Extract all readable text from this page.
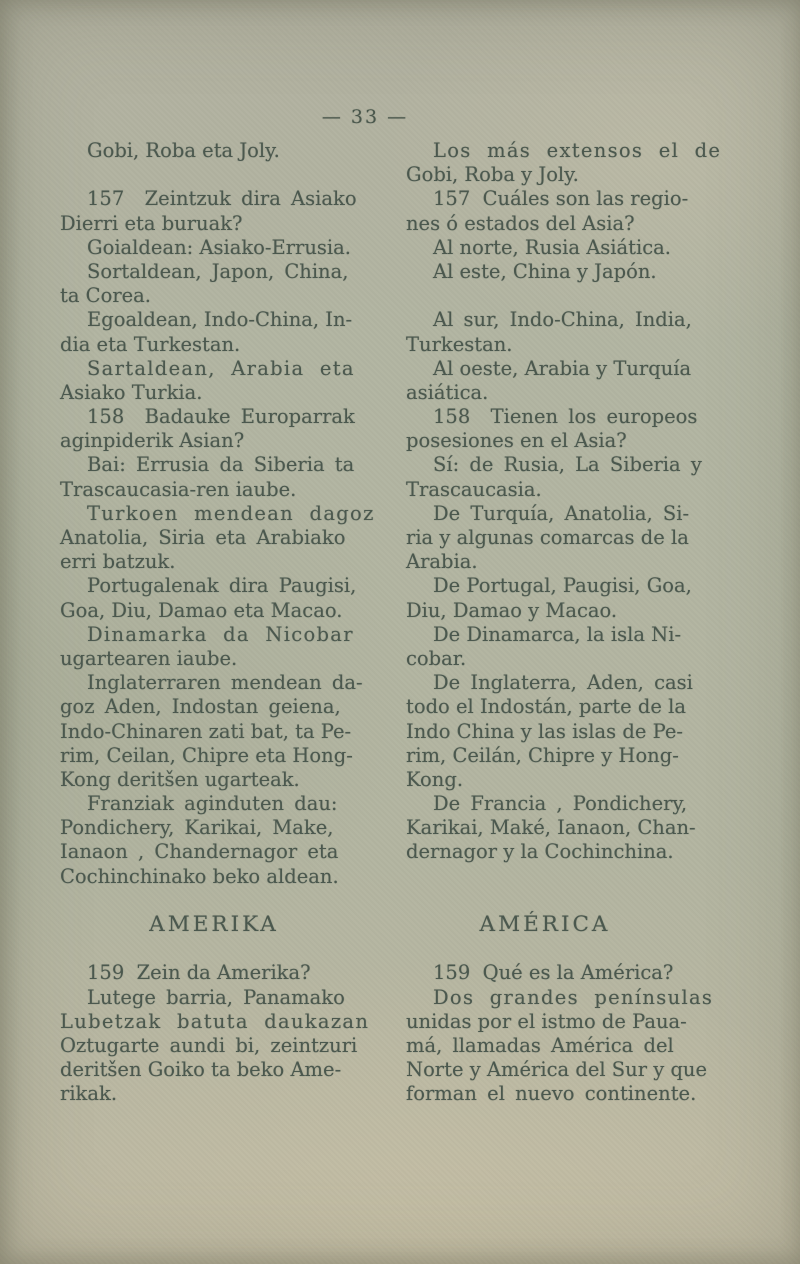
— 33 —
Gobi, Roba eta Joly.

157  Zeintzuk dira Asiako
Dierri eta buruak?
Goialdean: Asiako-Errusia.
Sortaldean, Japon, China,
ta Corea.
Egoaldean, Indo-China, In-
dia eta Turkestan.
Sartaldean, Arabia eta
Asiako Turkia.
158  Badauke Europarrak
aginpiderik Asian?
Bai: Errusia da Siberia ta
Trascaucasia-ren iaube.
Turkoen mendean dagoz
Anatolia, Siria eta Arabiako
erri batzuk.
Portugalenak dira Paugisi,
Goa, Diu, Damao eta Macao.
Dinamarka da Nicobar
ugartearen iaube.
Inglaterraren mendean da-
goz Aden, Indostan geiena,
Indo-Chinaren zati bat, ta Pe-
rim, Ceilan, Chipre eta Hong-
Kong deritšen ugarteak.
Franziak aginduten dau:
Pondichery, Karikai, Make,
Ianaon , Chandernagor eta
Cochinchinako beko aldean.

AMERIKA

159  Zein da Amerika?
Lutege barria, Panamako
Lubetzak batuta daukazan
Oztugarte aundi bi, zeintzuri
deritšen Goiko ta beko Ame-
rikak.
Los más extensos el de
Gobi, Roba y Joly.
157  Cuáles son las regio-
nes ó estados del Asia?
Al norte, Rusia Asiática.
Al este, China y Japón.

Al sur, Indo-China, India,
Turkestan.
Al oeste, Arabia y Turquía
asiática.
158  Tienen los europeos
posesiones en el Asia?
Sí: de Rusia, La Siberia y
Trascaucasia.
De Turquía, Anatolia, Si-
ria y algunas comarcas de la
Arabia.
De Portugal, Paugisi, Goa,
Diu, Damao y Macao.
De Dinamarca, la isla Ni-
cobar.
De Inglaterra, Aden, casi
todo el Indostán, parte de la
Indo China y las islas de Pe-
rim, Ceilán, Chipre y Hong-
Kong.
De Francia , Pondichery,
Karikai, Maké, Ianaon, Chan-
dernagor y la Cochinchina.

AMÉRICA

159  Qué es la América?
Dos grandes penínsulas
unidas por el istmo de Paua-
má, llamadas América del
Norte y América del Sur y que
forman el nuevo continente.
